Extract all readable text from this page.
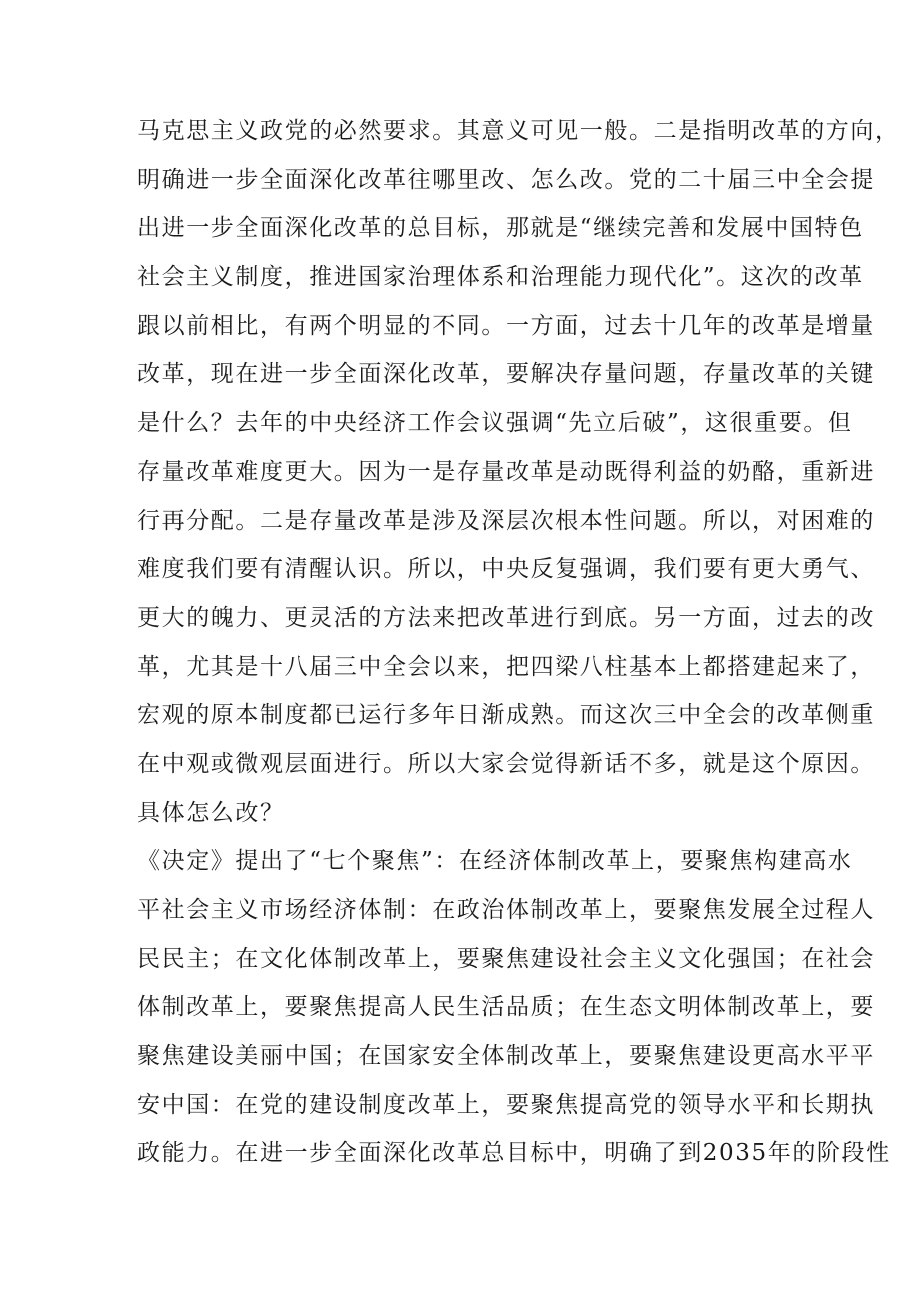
马克思主义政党的必然要求。其意义可见一般。二是指明改革的方向，
明确进一步全面深化改革往哪里改、怎么改。党的二十届三中全会提
出进一步全面深化改革的总目标，那就是“继续完善和发展中国特色
社会主义制度，推进国家治理体系和治理能力现代化”。这次的改革
跟以前相比，有两个明显的不同。一方面，过去十几年的改革是增量
改革，现在进一步全面深化改革，要解决存量问题，存量改革的关键
是什么？去年的中央经济工作会议强调“先立后破”，这很重要。但
存量改革难度更大。因为一是存量改革是动既得利益的奶酪，重新进
行再分配。二是存量改革是涉及深层次根本性问题。所以，对困难的
难度我们要有清醒认识。所以，中央反复强调，我们要有更大勇气、
更大的魄力、更灵活的方法来把改革进行到底。另一方面，过去的改
革，尤其是十八届三中全会以来，把四梁八柱基本上都搭建起来了，
宏观的原本制度都已运行多年日渐成熟。而这次三中全会的改革侧重
在中观或微观层面进行。所以大家会觉得新话不多，就是这个原因。
具体怎么改？
《决定》提出了“七个聚焦”：在经济体制改革上，要聚焦构建高水
平社会主义市场经济体制：在政治体制改革上，要聚焦发展全过程人
民民主；在文化体制改革上，要聚焦建设社会主义文化强国；在社会
体制改革上，要聚焦提高人民生活品质；在生态文明体制改革上，要
聚焦建设美丽中国；在国家安全体制改革上，要聚焦建设更高水平平
安中国：在党的建设制度改革上，要聚焦提高党的领导水平和长期执
政能力。在进一步全面深化改革总目标中，明确了到2035年的阶段性
